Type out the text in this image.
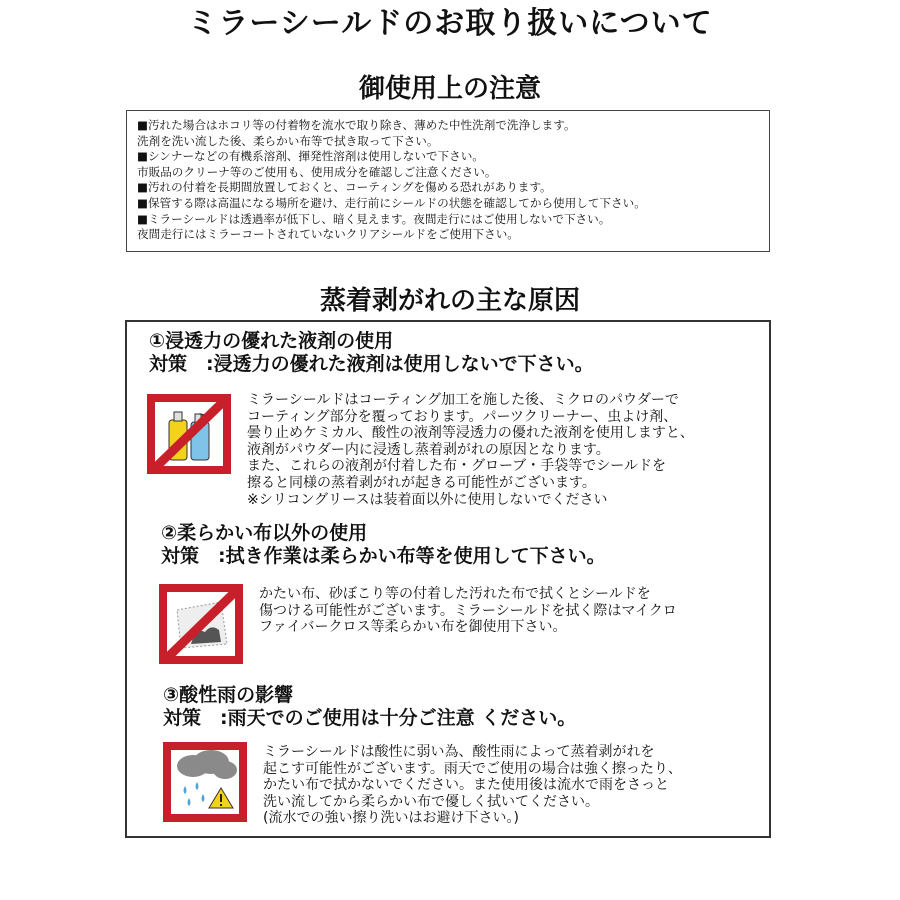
ミラーシールドのお取り扱いについて
御使用上の注意
■汚れた場合はホコリ等の付着物を流水で取り除き、薄めた中性洗剤で洗浄します。
洗剤を洗い流した後、柔らかい布等で拭き取って下さい。
■シンナーなどの有機系溶剤、揮発性溶剤は使用しないで下さい。
市販品のクリーナ等のご使用も、使用成分を確認しご注意ください。
■汚れの付着を長期間放置しておくと、コーティングを傷める恐れがあります。
■保管する際は高温になる場所を避け、走行前にシールドの状態を確認してから使用して下さい。
■ミラーシールドは透過率が低下し、暗く見えます。夜間走行にはご使用しないで下さい。
夜間走行にはミラーコートされていないクリアシールドをご使用下さい。
蒸着剥がれの主な原因
①浸透力の優れた液剤の使用
対策　:浸透力の優れた液剤は使用しないで下さい。
ミラーシールドはコーティング加工を施した後、ミクロのパウダーで
コーティング部分を覆っております。パーツクリーナー、虫よけ剤、
曇り止めケミカル、酸性の液剤等浸透力の優れた液剤を使用しますと、
液剤がパウダー内に浸透し蒸着剥がれの原因となります。
また、これらの液剤が付着した布・グローブ・手袋等でシールドを
擦ると同様の蒸着剥がれが起きる可能性がございます。
※シリコングリースは装着面以外に使用しないでください
②柔らかい布以外の使用
対策　:拭き作業は柔らかい布等を使用して下さい。
かたい布、砂ぼこり等の付着した汚れた布で拭くとシールドを
傷つける可能性がございます。ミラーシールドを拭く際はマイクロ
ファイバークロス等柔らかい布を御使用下さい。
③酸性雨の影響
対策　:雨天でのご使用は十分ご注意 ください。
ミラーシールドは酸性に弱い為、酸性雨によって蒸着剥がれを
起こす可能性がございます。雨天でご使用の場合は強く擦ったり、
かたい布で拭かないでください。また使用後は流水で雨をさっと
洗い流してから柔らかい布で優しく拭いてください。
(流水での強い擦り洗いはお避け下さい。)
